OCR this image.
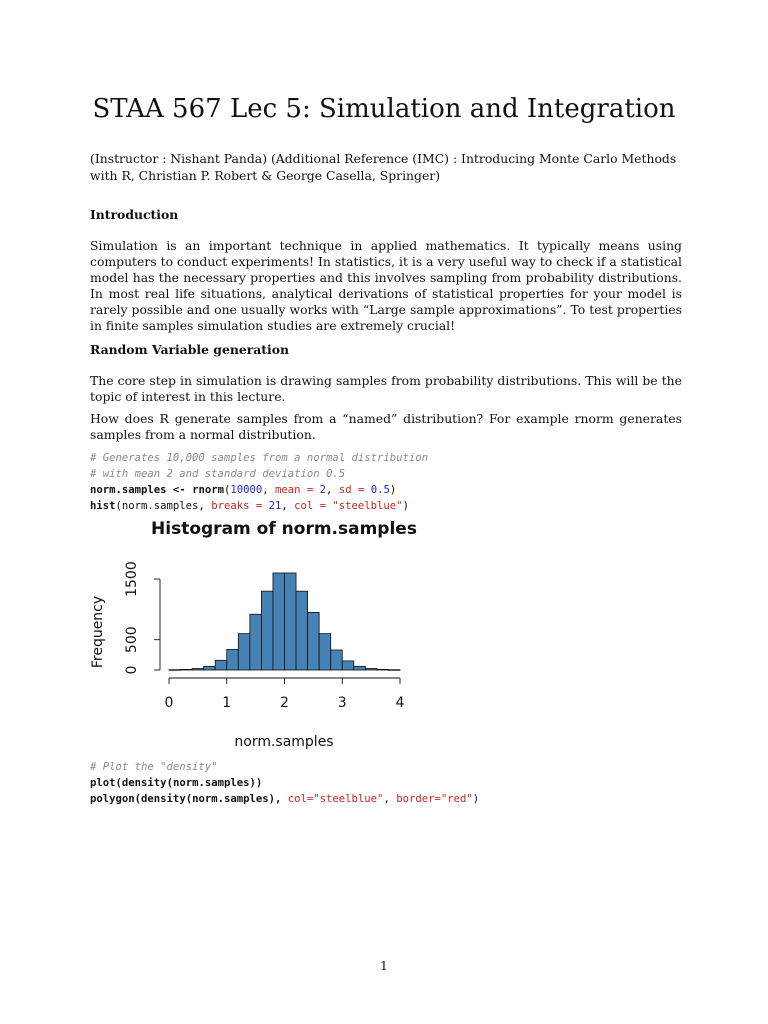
STAA 567 Lec 5: Simulation and Integration

(Instructor : Nishant Panda) (Additional Reference (IMC) : Introducing Monte Carlo Methods with R, Christian P. Robert & George Casella, Springer)

Introduction

Simulation is an important technique in applied mathematics. It typically means using computers to conduct experiments! In statistics, it is a very useful way to check if a statistical model has the necessary properties and this involves sampling from probability distributions. In most real life situations, analytical derivations of statistical properties for your model is rarely possible and one usually works with “Large sample approximations”. To test properties in finite samples simulation studies are extremely crucial!

Random Variable generation

The core step in simulation is drawing samples from probability distributions. This will be the topic of interest in this lecture.

How does R generate samples from a “named” distribution? For example rnorm generates samples from a normal distribution.

# Generates 10,000 samples from a normal distribution
# with mean 2 and standard deviation 0.5
norm.samples <- rnorm(10000, mean = 2, sd = 0.5)
hist(norm.samples, breaks = 21, col = "steelblue")
Histogram of norm.samples
Frequency
norm.samples
0	1	2	3	4
0
500
1500
# Plot the "density"
plot(density(norm.samples))
polygon(density(norm.samples), col="steelblue", border="red")
1
